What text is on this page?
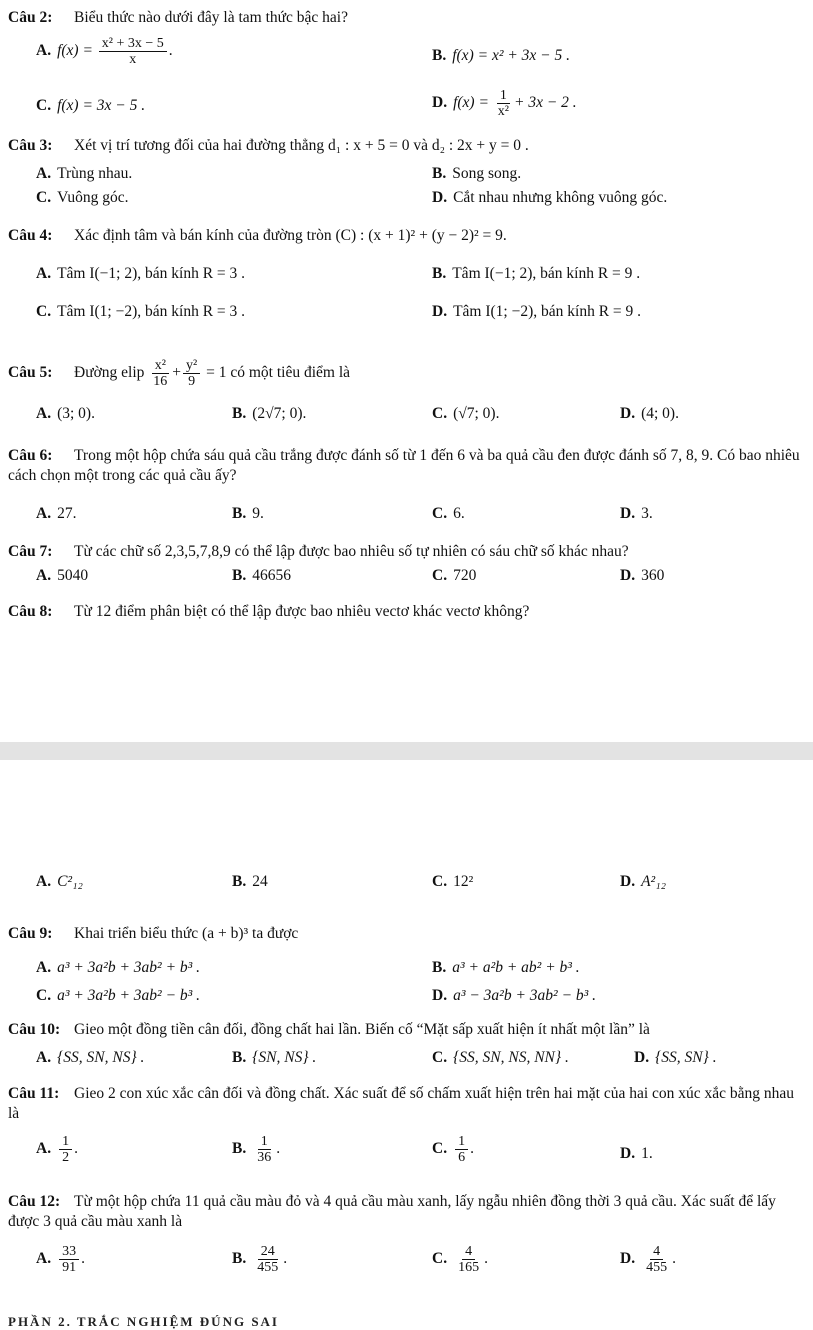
Câu 2: Biểu thức nào dưới đây là tam thức bậc hai?
A. $f(x) = \frac{\text{x² + 3x − 5}}{x}$ .	B. f(x) = x² + 3x − 5 .
C. f(x) = 3x − 5 .	D. $f(x) = \frac{1}{\text{x²}} + 3x - 2$ .
Câu 3: Xét vị trí tương đối của hai đường thẳng d₁ : x + 5 = 0 và d₂ : 2x + y = 0 .
A. Trùng nhau.	B. Song song.
C. Vuông góc.	D. Cắt nhau nhưng không vuông góc.
Câu 4: Xác định tâm và bán kính của đường tròn (C) : (x + 1)² + (y − 2)² = 9.
A. Tâm I(−1; 2), bán kính R = 3 .	B. Tâm I(−1; 2), bán kính R = 9 .
C. Tâm I(1; −2), bán kính R = 3 .	D. Tâm I(1; −2), bán kính R = 9 .
Câu 5: Đường elip $\frac{\text{x²}}{16} + \frac{\text{y²}}{9} = 1$ có một tiêu điểm là
A. (3; 0).	B. (2√7; 0).	C. (√7; 0).	D. (4; 0).
Câu 6: Trong một hộp chứa sáu quả cầu trắng được đánh số từ 1 đến 6 và ba quả cầu đen được đánh số 7, 8, 9. Có bao nhiêu cách chọn một trong các quả cầu ấy?
A. 27.	B. 9.	C. 6.	D. 3.
Câu 7: Từ các chữ số 2,3,5,7,8,9 có thể lập được bao nhiêu số tự nhiên có sáu chữ số khác nhau?
A. 5040	B. 46656	C. 720	D. 360
Câu 8: Từ 12 điểm phân biệt có thể lập được bao nhiêu vectơ khác vectơ không?
A. C²₁₂	B. 24	C. 12²	D. A²₁₂
Câu 9: Khai triển biểu thức (a + b)³ ta được
A. a³ + 3a²b + 3ab² + b³ .	B. a³ + a²b + ab² + b³ .
C. a³ + 3a²b + 3ab² − b³ .	D. a³ − 3a²b + 3ab² − b³ .
Câu 10: Gieo một đồng tiền cân đối, đồng chất hai lần. Biến cố “Mặt sấp xuất hiện ít nhất một lần” là
A. {SS, SN, NS} .	B. {SN, NS} .	C. {SS, SN, NS, NN} .	D. {SS, SN} .
Câu 11: Gieo 2 con xúc xắc cân đối và đồng chất. Xác suất để số chấm xuất hiện trên hai mặt của hai con xúc xắc bằng nhau là
A. $\frac{1}{2}$ .	B. $\frac{1}{36}$ .	C. $\frac{1}{6}$ .	D. 1.
Câu 12: Từ một hộp chứa 11 quả cầu màu đỏ và 4 quả cầu màu xanh, lấy ngẫu nhiên đồng thời 3 quả cầu. Xác suất để lấy được 3 quả cầu màu xanh là
A. $\frac{33}{91}$ .	B. $\frac{24}{455}$ .	C. $\frac{4}{165}$ .	D. $\frac{4}{455}$ .
PHẦN 2. TRẮC NGHIỆM ĐÚNG SAI
